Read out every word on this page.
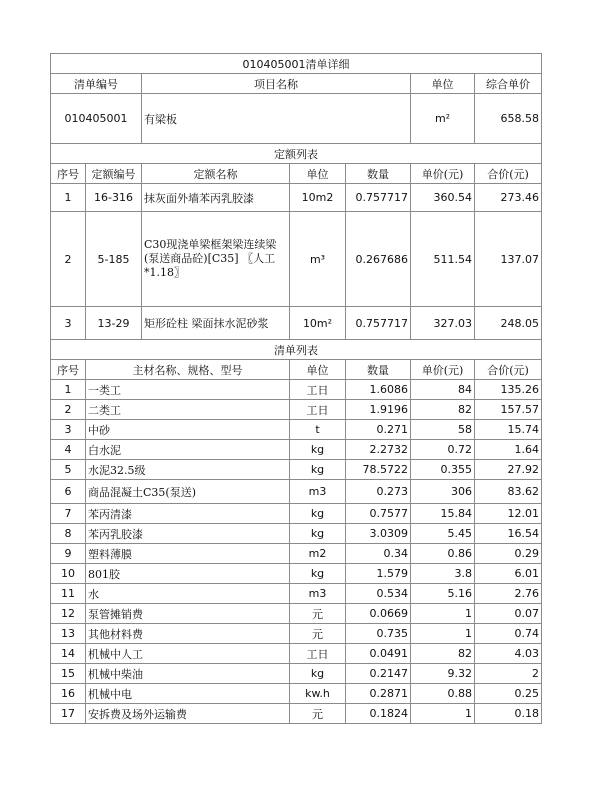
010405001清单详细						
清单编号		项目名称			单位	综合单价
010405001		有梁板			m²	658.58
定额列表						
序号	定额编号	定额名称	单位	数量	单价(元)	合价(元)
1	16-316	抹灰面外墙苯丙乳胶漆	10m2	0.757717	360.54	273.46
2	5-185	C30现浇单梁框架梁连续梁(泵送商品砼)[C35] 〖人工*1.18〗	m³	0.267686	511.54	137.07
3	13-29	矩形砼柱 梁面抹水泥砂浆	10m²	0.757717	327.03	248.05
清单列表						
序号	主材名称、规格、型号		单位	数量	单价(元)	合价(元)
1	一类工		工日	1.6086	84	135.26
2	二类工		工日	1.9196	82	157.57
3	中砂		t	0.271	58	15.74
4	白水泥		kg	2.2732	0.72	1.64
5	水泥32.5级		kg	78.5722	0.355	27.92
6	商品混凝土C35(泵送)		m3	0.273	306	83.62
7	苯丙清漆		kg	0.7577	15.84	12.01
8	苯丙乳胶漆		kg	3.0309	5.45	16.54
9	塑料薄膜		m2	0.34	0.86	0.29
10	801胶		kg	1.579	3.8	6.01
11	水		m3	0.534	5.16	2.76
12	泵管摊销费		元	0.0669	1	0.07
13	其他材料费		元	0.735	1	0.74
14	机械中人工		工日	0.0491	82	4.03
15	机械中柴油		kg	0.2147	9.32	2
16	机械中电		kw.h	0.2871	0.88	0.25
17	安拆费及场外运输费		元	0.1824	1	0.18
